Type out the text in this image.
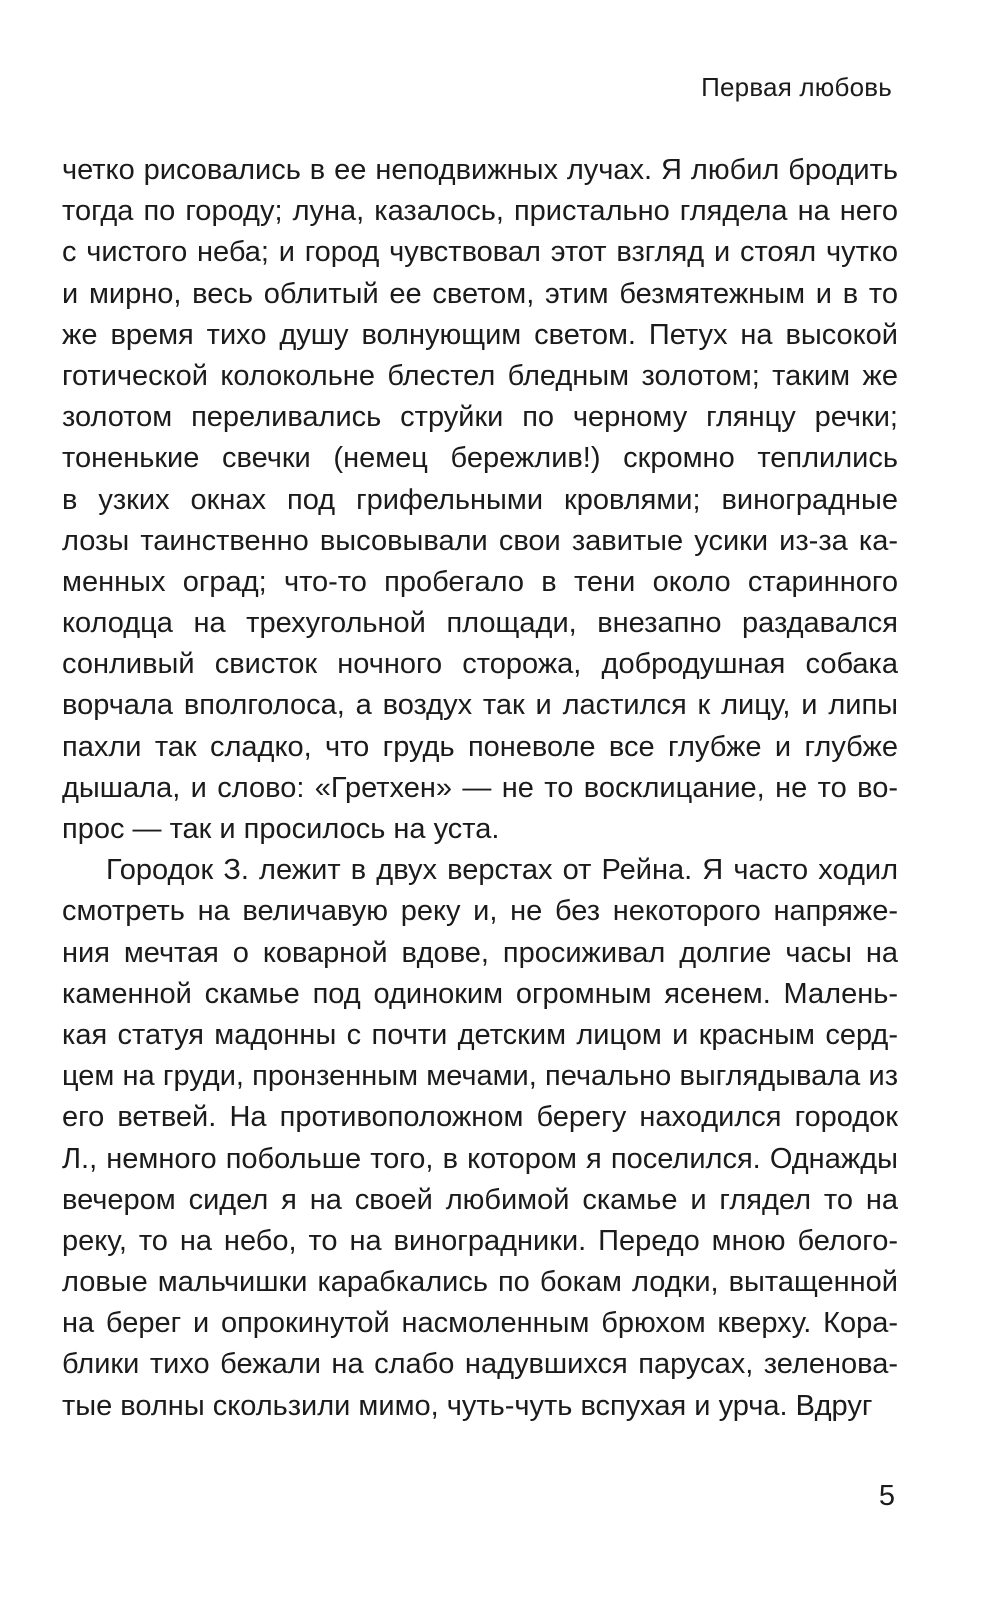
Первая любовь
четко рисовались в ее неподвижных лучах. Я любил бродить
тогда по городу; луна, казалось, пристально глядела на него
с чистого неба; и город чувствовал этот взгляд и стоял чутко
и мирно, весь облитый ее светом, этим безмятежным и в то
же время тихо душу волнующим светом. Петух на высокой
готической колокольне блестел бледным золотом; таким же
золотом переливались струйки по черному глянцу речки;
тоненькие свечки (немец бережлив!) скромно теплились
в узких окнах под грифельными кровлями; виноградные
лозы таинственно высовывали свои завитые усики из-за ка-
менных оград; что-то пробегало в тени около старинного
колодца на трехугольной площади, внезапно раздавался
сонливый свисток ночного сторожа, добродушная собака
ворчала вполголоса, а воздух так и ластился к лицу, и липы
пахли так сладко, что грудь поневоле все глубже и глубже
дышала, и слово: «Гретхен» — не то восклицание, не то во-
прос — так и просилось на уста.
Городок З. лежит в двух верстах от Рейна. Я часто ходил
смотреть на величавую реку и, не без некоторого напряже-
ния мечтая о коварной вдове, просиживал долгие часы на
каменной скамье под одиноким огромным ясенем. Малень-
кая статуя мадонны с почти детским лицом и красным серд-
цем на груди, пронзенным мечами, печально выглядывала из
его ветвей. На противоположном берегу находился городок
Л., немного побольше того, в котором я поселился. Однажды
вечером сидел я на своей любимой скамье и глядел то на
реку, то на небо, то на виноградники. Передо мною белого-
ловые мальчишки карабкались по бокам лодки, вытащенной
на берег и опрокинутой насмоленным брюхом кверху. Кора-
блики тихо бежали на слабо надувшихся парусах, зеленова-
тые волны скользили мимо, чуть-чуть вспухая и урча. Вдруг
5
